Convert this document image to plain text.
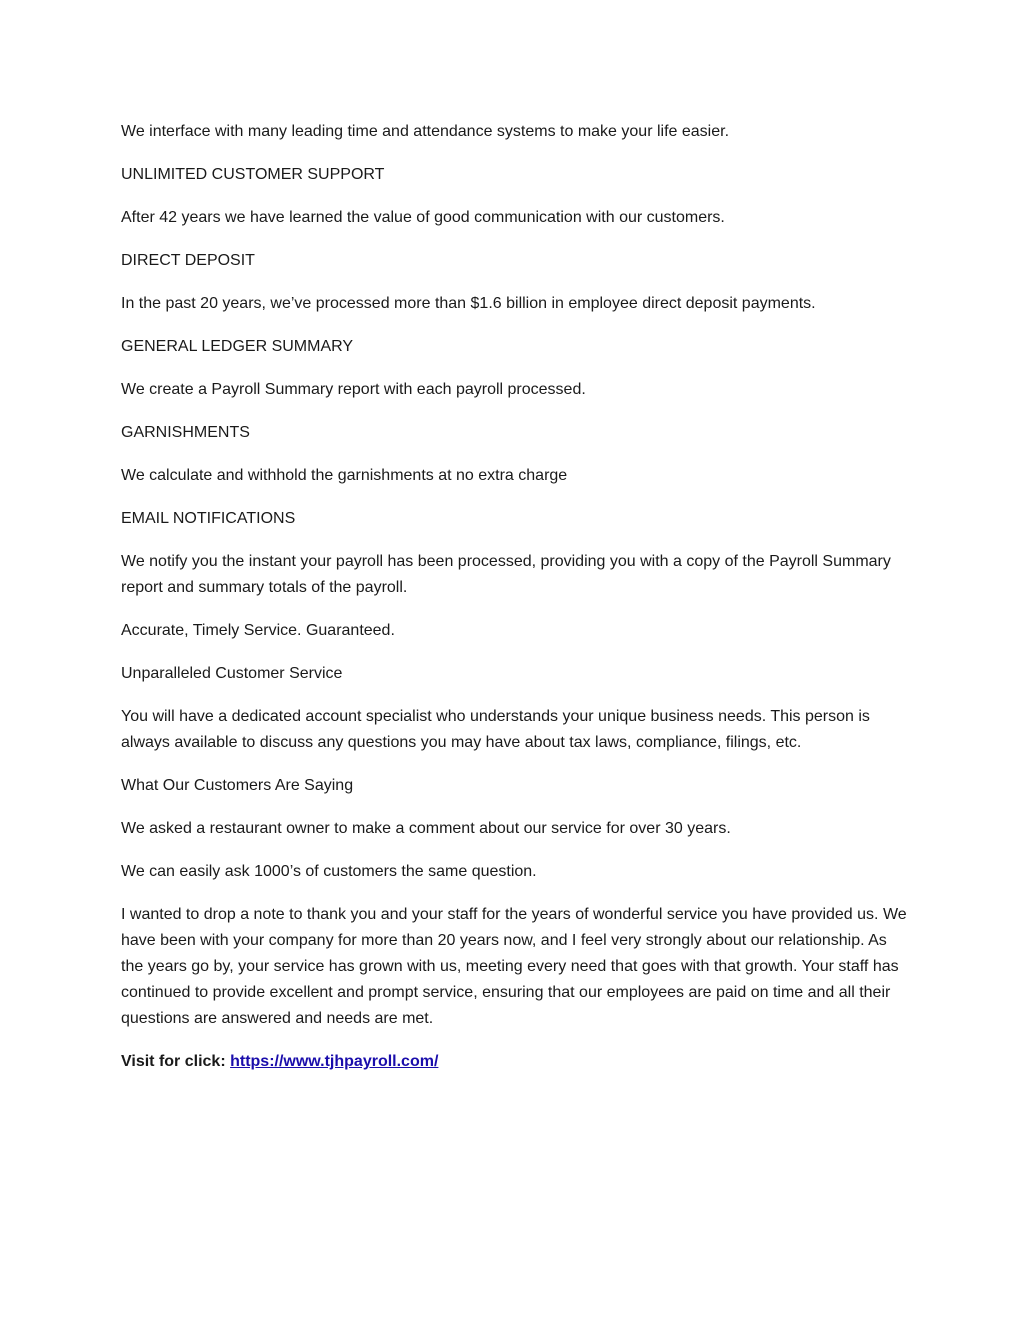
We interface with many leading time and attendance systems to make your life easier.

UNLIMITED CUSTOMER SUPPORT

After 42 years we have learned the value of good communication with our customers.

DIRECT DEPOSIT

In the past 20 years, we’ve processed more than $1.6 billion in employee direct deposit payments.

GENERAL LEDGER SUMMARY

We create a Payroll Summary report with each payroll processed.

GARNISHMENTS

We calculate and withhold the garnishments at no extra charge

EMAIL NOTIFICATIONS

We notify you the instant your payroll has been processed, providing you with a copy of the Payroll Summary report and summary totals of the payroll.

Accurate, Timely Service. Guaranteed.

Unparalleled Customer Service

You will have a dedicated account specialist who understands your unique business needs. This person is always available to discuss any questions you may have about tax laws, compliance, filings, etc.

What Our Customers Are Saying

We asked a restaurant owner to make a comment about our service for over 30 years.

We can easily ask 1000’s of customers the same question.

I wanted to drop a note to thank you and your staff for the years of wonderful service you have provided us. We have been with your company for more than 20 years now, and I feel very strongly about our relationship. As the years go by, your service has grown with us, meeting every need that goes with that growth. Your staff has continued to provide excellent and prompt service, ensuring that our employees are paid on time and all their questions are answered and needs are met.

Visit for click: https://www.tjhpayroll.com/
